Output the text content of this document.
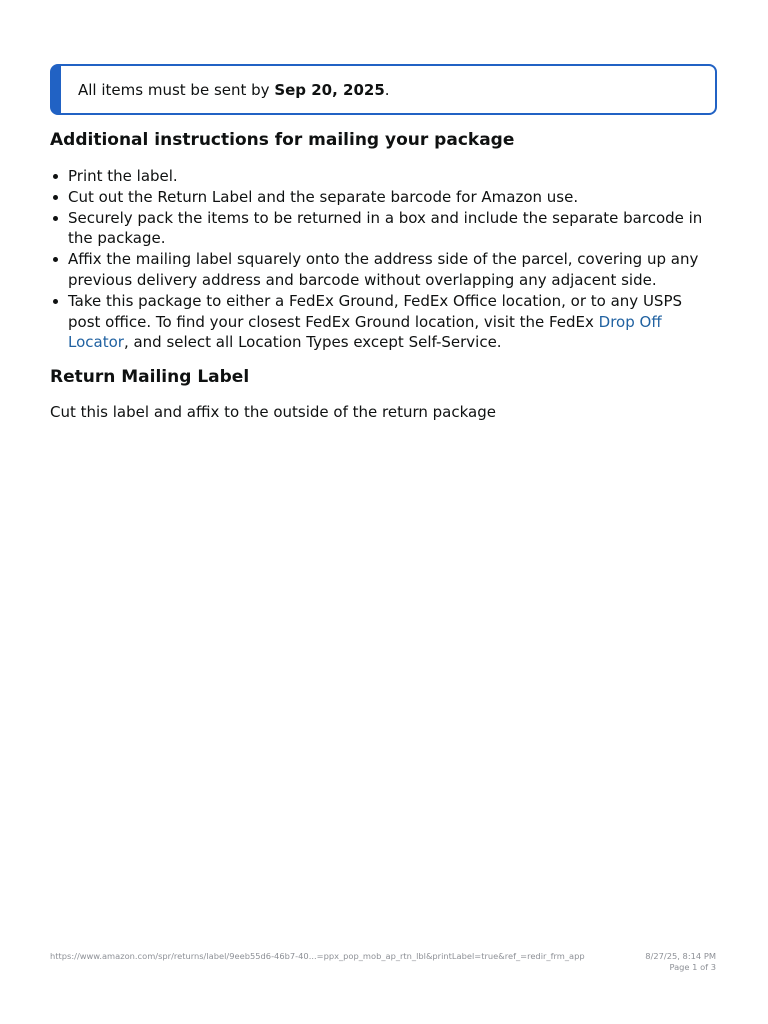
All items must be sent by Sep 20, 2025.
Additional instructions for mailing your package
Print the label.
Cut out the Return Label and the separate barcode for Amazon use.
Securely pack the items to be returned in a box and include the separate barcode in the package.
Affix the mailing label squarely onto the address side of the parcel, covering up any previous delivery address and barcode without overlapping any adjacent side.
Take this package to either a FedEx Ground, FedEx Office location, or to any USPS post office. To find your closest FedEx Ground location, visit the FedEx Drop Off Locator, and select all Location Types except Self-Service.
Return Mailing Label
Cut this label and affix to the outside of the return package
https://www.amazon.com/spr/returns/label/9eeb55d6-46b7-40...=ppx_pop_mob_ap_rtn_lbl&printLabel=true&ref_=redir_frm_app	8/27/25, 8:14 PM
Page 1 of 3
